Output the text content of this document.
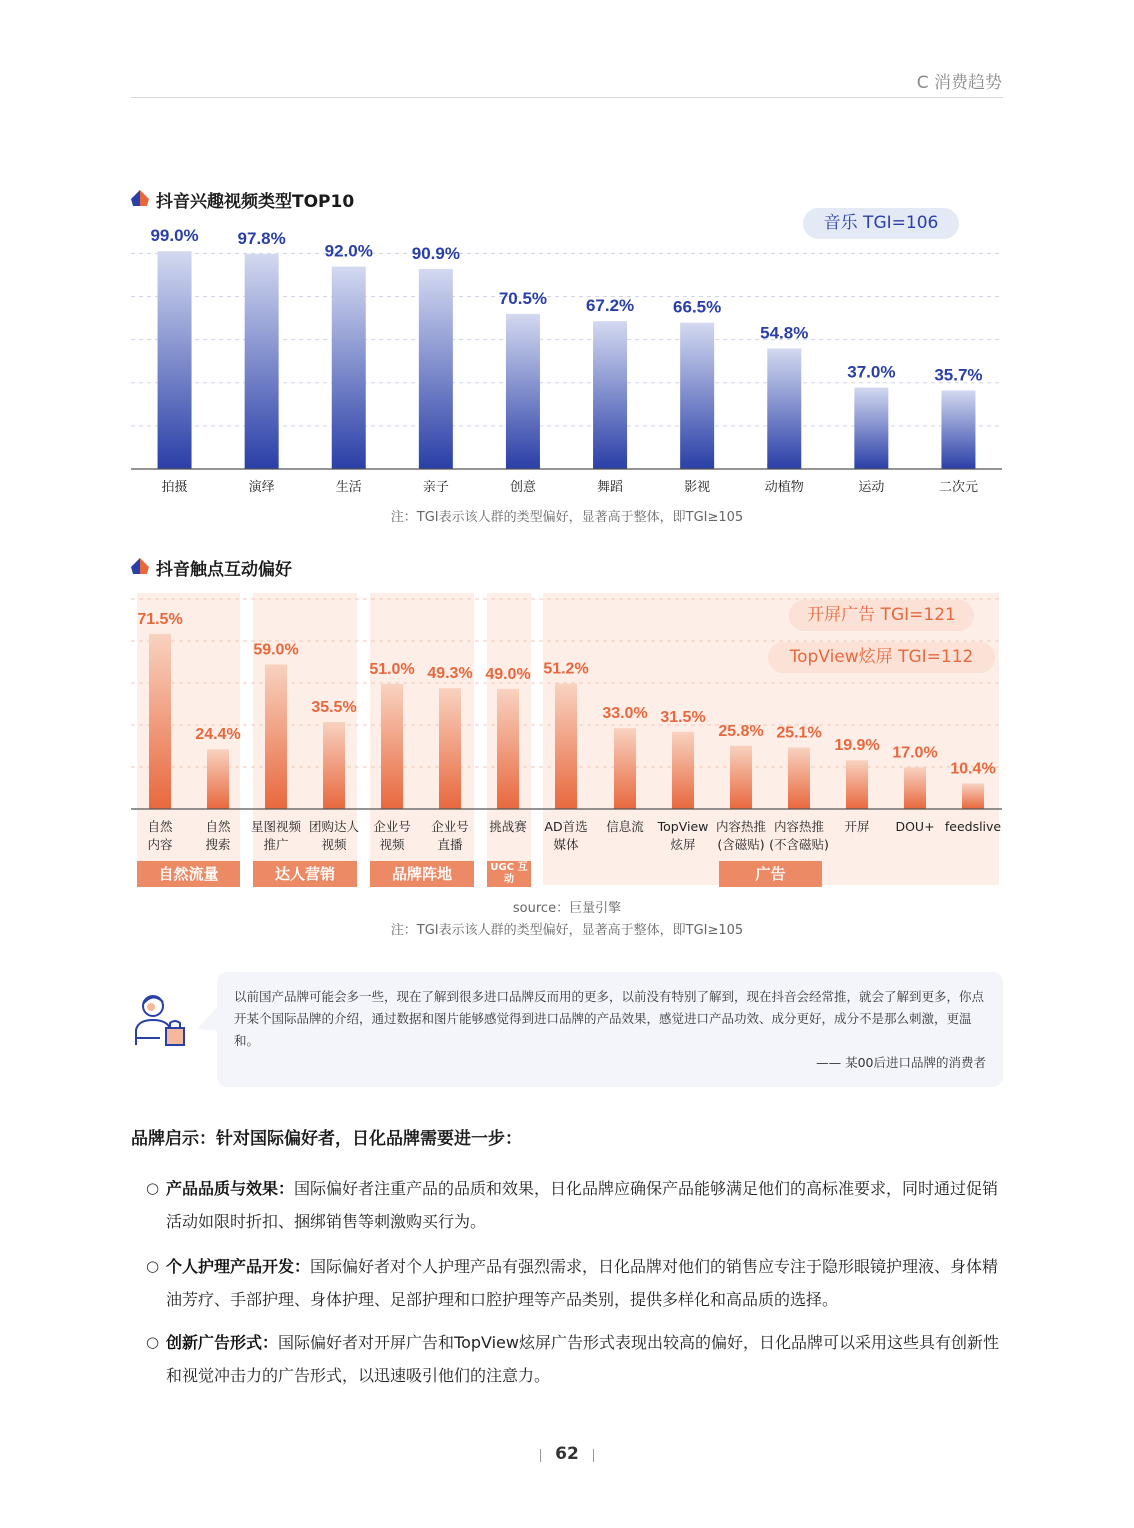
C 消费趋势
抖音兴趣视频类型TOP10
音乐 TGI=106
99.0%
拍摄
97.8%
演绎
92.0%
生活
90.9%
亲子
70.5%
创意
67.2%
舞蹈
66.5%
影视
54.8%
动植物
37.0%
运动
35.7%
二次元
注：TGI表示该人群的类型偏好，显著高于整体，即TGI≥105
抖音触点互动偏好
71.5%
自然
内容
24.4%
自然
搜索
59.0%
星图视频
推广
35.5%
团购达人
视频
51.0%
企业号
视频
49.3%
企业号
直播
49.0%
挑战赛
51.2%
AD首选
媒体
33.0%
信息流
31.5%
TopView
炫屏
25.8%
内容热推
(含磁贴)
25.1%
内容热推
(不含磁贴)
19.9%
开屏
17.0%
DOU+
10.4%
feedslive
开屏广告 TGI=121
TopView炫屏 TGI=112
自然流量	达人营销	品牌阵地	UGC 互动	广告
source：巨量引擎
注：TGI表示该人群的类型偏好，显著高于整体，即TGI≥105
以前国产品牌可能会多一些，现在了解到很多进口品牌反而用的更多，以前没有特别了解到，现在抖音会经常推，就会了解到更多，你点开某个国际品牌的介绍，通过数据和图片能够感觉得到进口品牌的产品效果，感觉进口产品功效、成分更好，成分不是那么刺激，更温和。
—— 某00后进口品牌的消费者
品牌启示：针对国际偏好者，日化品牌需要进一步：
○ 产品品质与效果：国际偏好者注重产品的品质和效果，日化品牌应确保产品能够满足他们的高标准要求，同时通过促销活动如限时折扣、捆绑销售等刺激购买行为。
○ 个人护理产品开发：国际偏好者对个人护理产品有强烈需求，日化品牌对他们的销售应专注于隐形眼镜护理液、身体精油芳疗、手部护理、身体护理、足部护理和口腔护理等产品类别，提供多样化和高品质的选择。
○ 创新广告形式：国际偏好者对开屏广告和TopView炫屏广告形式表现出较高的偏好，日化品牌可以采用这些具有创新性和视觉冲击力的广告形式，以迅速吸引他们的注意力。
62
